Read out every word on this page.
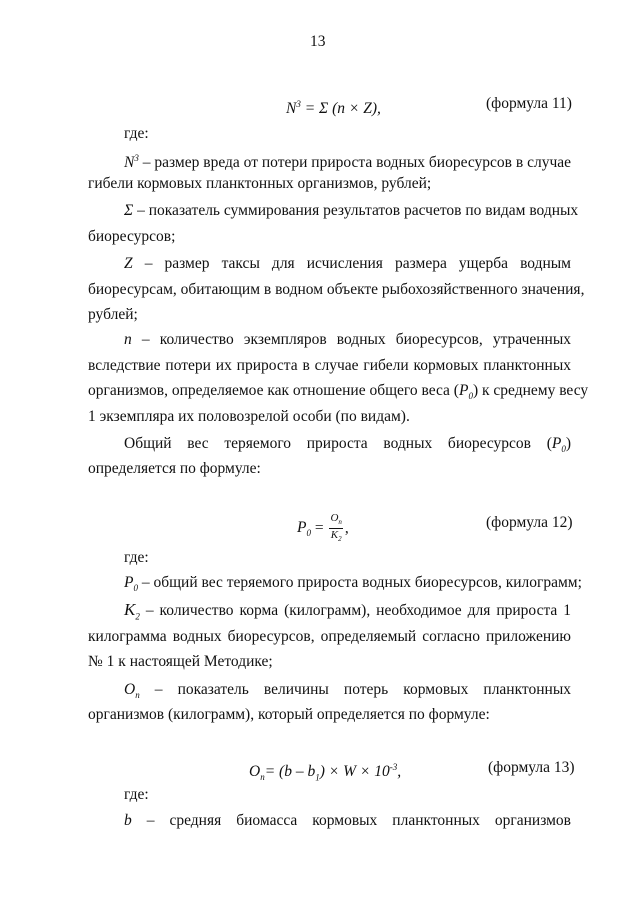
13
$N^3 = \Sigma$ (n × Z),	(формула 11)
где:
$N^3$ – размер вреда от потери прироста водных биоресурсов в случае
гибели кормовых планктонных организмов, рублей;
Σ – показатель суммирования результатов расчетов по видам водных
биоресурсов;
Z – размер таксы для исчисления размера ущерба водным
биоресурсам, обитающим в водном объекте рыбохозяйственного значения,
рублей;
n – количество экземпляров водных биоресурсов, утраченных
вследствие потери их прироста в случае гибели кормовых планктонных
организмов, определяемое как отношение общего веса $(P_0)$ к среднему весу
1 экземпляра их половозрелой особи (по видам).
Общий вес теряемого прироста водных биоресурсов $(P_0)$
определяется по формуле:
$P_0 = \frac{O_n}{K_2}$ ,	(формула 12)
где:
$P_0$ – общий вес теряемого прироста водных биоресурсов, килограмм;
$K_2$ – количество корма (килограмм), необходимое для прироста 1
килограмма водных биоресурсов, определяемый согласно приложению
№ 1 к настоящей Методике;
$O_n$ – показатель величины потерь кормовых планктонных
организмов (килограмм), который определяется по формуле:
$O_n= (b - b_1) \times W \times 10^{-3}$,	(формула 13)
где:
b – средняя биомасса кормовых планктонных организмов
